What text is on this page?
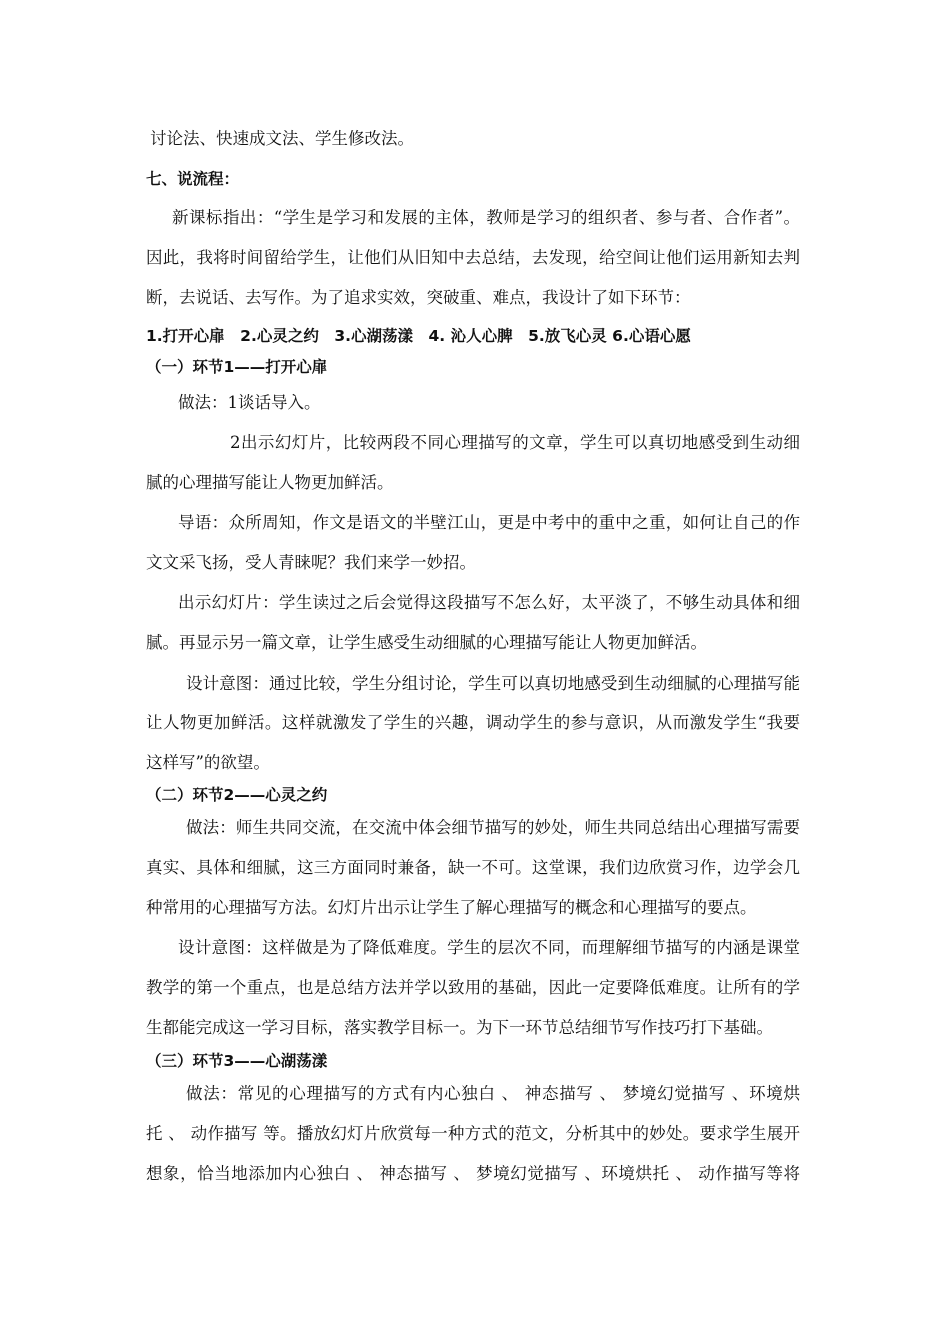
讨论法、快速成文法、学生修改法。
七、说流程：
新课标指出：“学生是学习和发展的主体，教师是学习的组织者、参与者、合作者”。
因此，我将时间留给学生，让他们从旧知中去总结，去发现，给空间让他们运用新知去判
断，去说话、去写作。为了追求实效，突破重、难点，我设计了如下环节：
1.打开心扉　2.心灵之约　3.心湖荡漾　4. 沁人心脾　5.放飞心灵 6.心语心愿
（一）环节1——打开心扉
做法：1谈话导入。
2出示幻灯片，比较两段不同心理描写的文章，学生可以真切地感受到生动细
腻的心理描写能让人物更加鲜活。
导语：众所周知，作文是语文的半壁江山，更是中考中的重中之重，如何让自己的作
文文采飞扬，受人青睐呢？我们来学一妙招。
出示幻灯片：学生读过之后会觉得这段描写不怎么好，太平淡了，不够生动具体和细
腻。再显示另一篇文章，让学生感受生动细腻的心理描写能让人物更加鲜活。
设计意图：通过比较，学生分组讨论，学生可以真切地感受到生动细腻的心理描写能
让人物更加鲜活。这样就激发了学生的兴趣，调动学生的参与意识，从而激发学生“我要
这样写”的欲望。
（二）环节2——心灵之约
做法：师生共同交流，在交流中体会细节描写的妙处，师生共同总结出心理描写需要
真实、具体和细腻，这三方面同时兼备，缺一不可。这堂课，我们边欣赏习作，边学会几
种常用的心理描写方法。幻灯片出示让学生了解心理描写的概念和心理描写的要点。
设计意图：这样做是为了降低难度。学生的层次不同，而理解细节描写的内涵是课堂
教学的第一个重点，也是总结方法并学以致用的基础，因此一定要降低难度。让所有的学
生都能完成这一学习目标，落实教学目标一。为下一环节总结细节写作技巧打下基础。
（三）环节3——心湖荡漾
做法：常见的心理描写的方式有内心独白 、 神态描写 、 梦境幻觉描写 、环境烘
托 、 动作描写 等。播放幻灯片欣赏每一种方式的范文，分析其中的妙处。要求学生展开
想象，恰当地添加内心独白 、 神态描写 、 梦境幻觉描写 、环境烘托 、 动作描写等将
